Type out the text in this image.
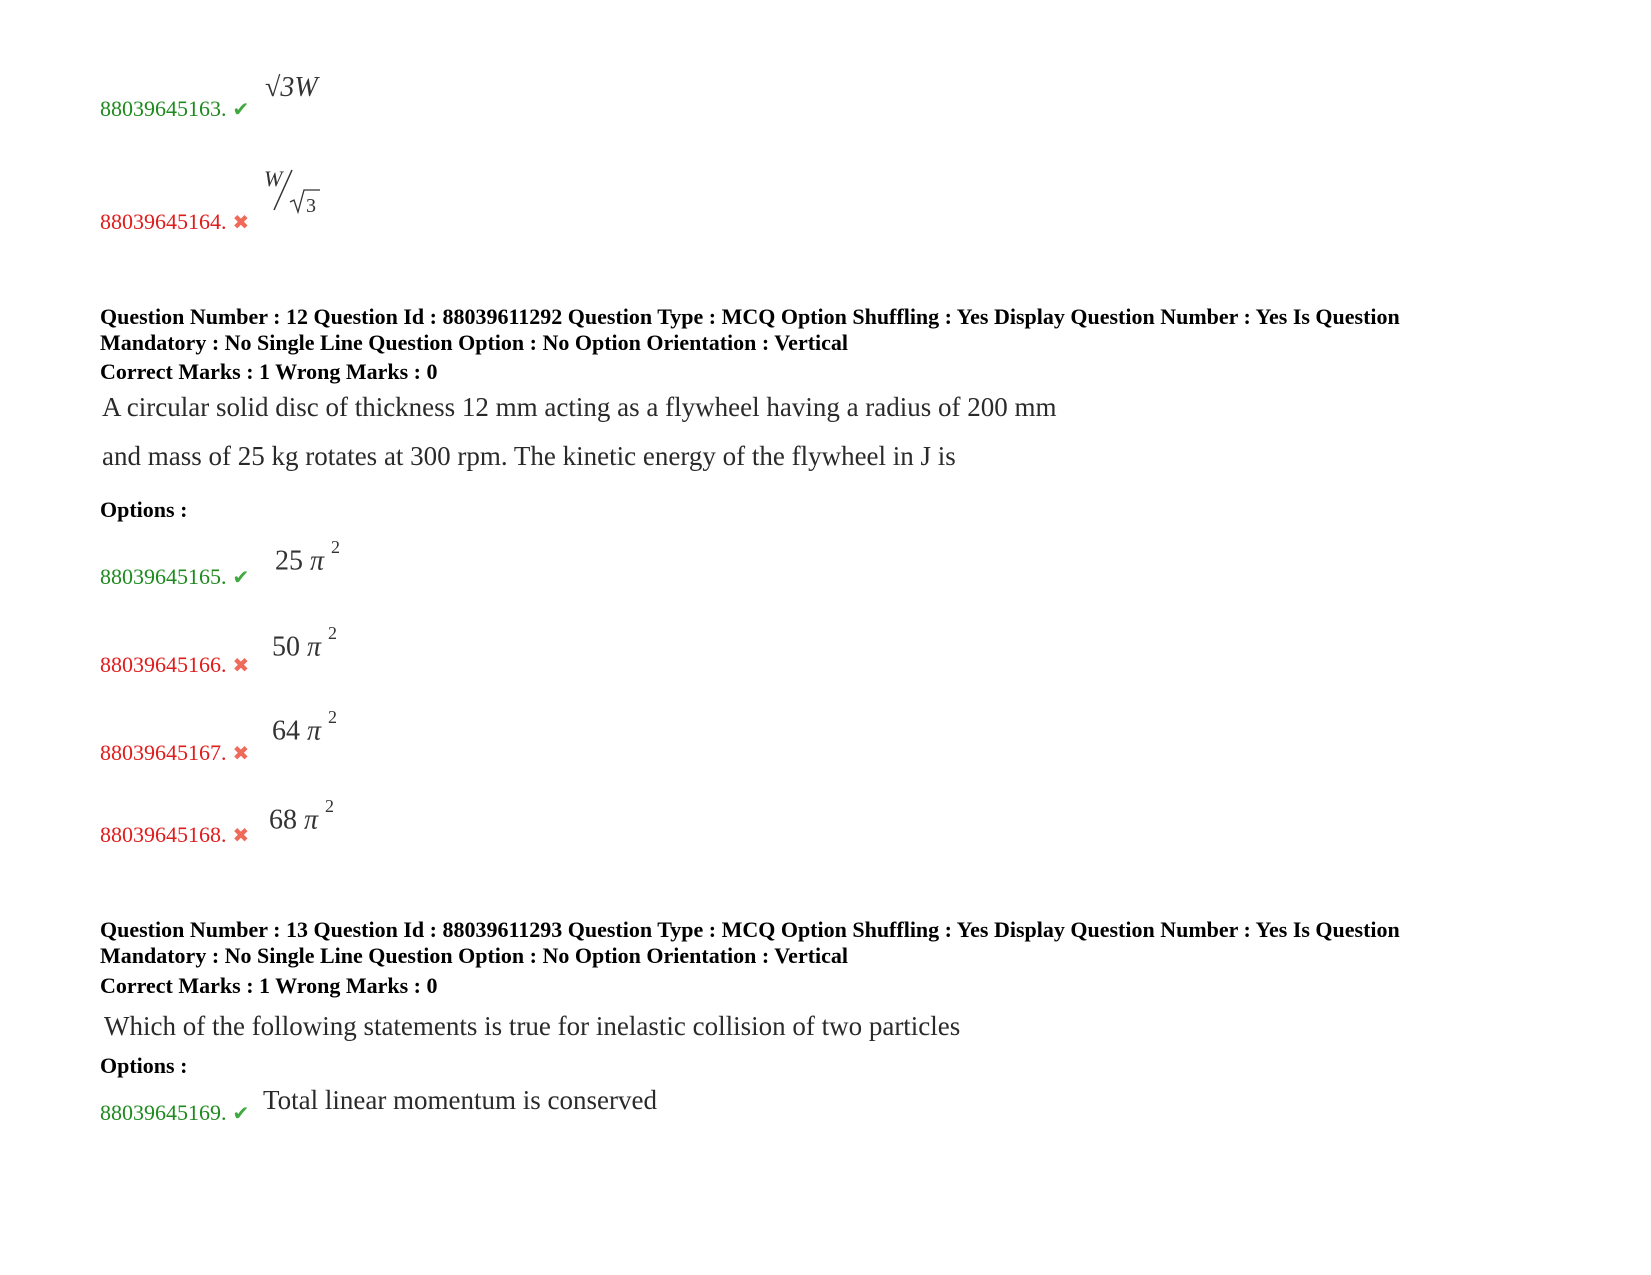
88039645163. ✔
√3W
88039645164. ✖
W
3
Question Number : 12 Question Id : 88039611292 Question Type : MCQ Option Shuffling : Yes Display Question Number : Yes Is Question
Mandatory : No Single Line Question Option : No Option Orientation : Vertical
Correct Marks : 1 Wrong Marks : 0
A circular solid disc of thickness 12 mm acting as a flywheel having a radius of 200 mm
and mass of 25 kg rotates at 300 rpm. The kinetic energy of the flywheel in J is
Options :
88039645165. ✔
25 π $^2$
88039645166. ✖
50 π $^2$
88039645167. ✖
64 π $^2$
88039645168. ✖
68 π $^2$
Question Number : 13 Question Id : 88039611293 Question Type : MCQ Option Shuffling : Yes Display Question Number : Yes Is Question
Mandatory : No Single Line Question Option : No Option Orientation : Vertical
Correct Marks : 1 Wrong Marks : 0
Which of the following statements is true for inelastic collision of two particles
Options :
88039645169. ✔ Total linear momentum is conserved
